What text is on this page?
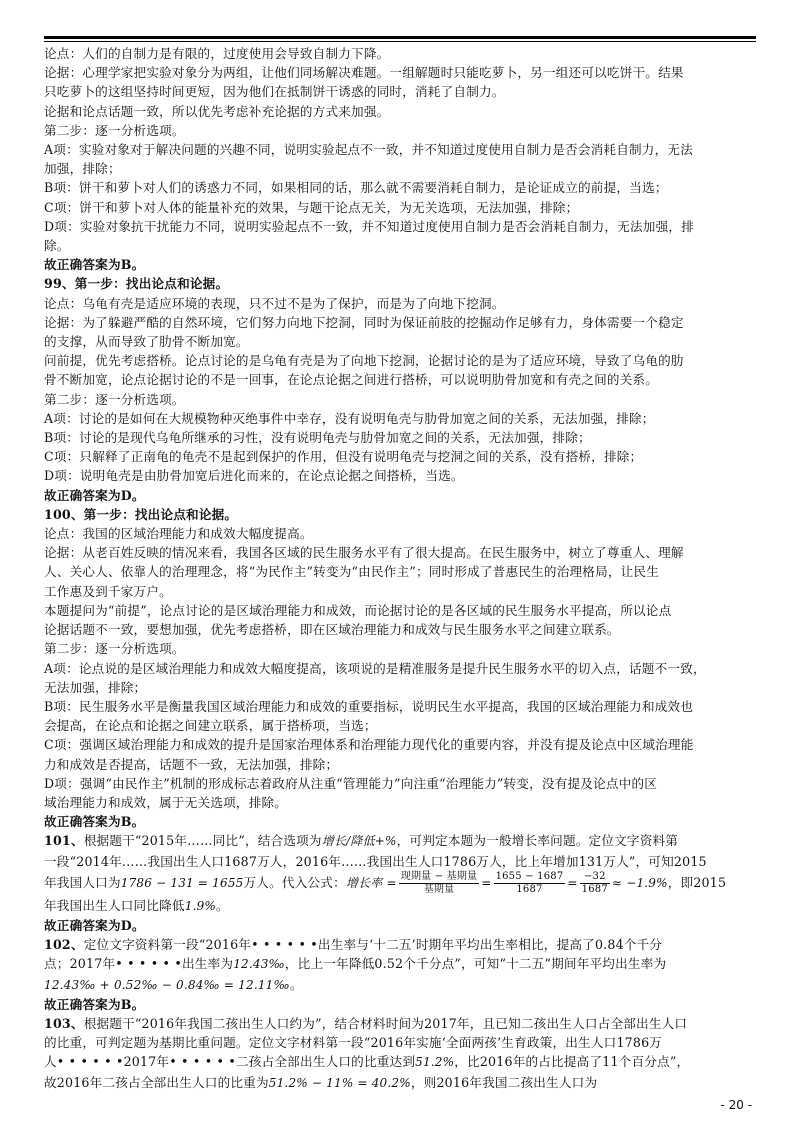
论点：人们的自制力是有限的，过度使用会导致自制力下降。

论据：心理学家把实验对象分为两组，让他们同场解决难题。一组解题时只能吃萝卜，另一组还可以吃饼干。结果

只吃萝卜的这组坚持时间更短，因为他们在抵制饼干诱惑的同时，消耗了自制力。

论据和论点话题一致，所以优先考虑补充论据的方式来加强。

第二步：逐一分析选项。

A项：实验对象对于解决问题的兴趣不同，说明实验起点不一致，并不知道过度使用自制力是否会消耗自制力，无法

加强，排除；

B项：饼干和萝卜对人们的诱惑力不同，如果相同的话，那么就不需要消耗自制力，是论证成立的前提，当选；

C项：饼干和萝卜对人体的能量补充的效果，与题干论点无关，为无关选项，无法加强，排除；

D项：实验对象抗干扰能力不同，说明实验起点不一致，并不知道过度使用自制力是否会消耗自制力，无法加强，排

除。

故正确答案为B。

99、第一步：找出论点和论据。

论点：乌龟有壳是适应环境的表现，只不过不是为了保护，而是为了向地下挖洞。

论据：为了躲避严酷的自然环境，它们努力向地下挖洞，同时为保证前肢的挖掘动作足够有力，身体需要一个稳定

的支撑，从而导致了肋骨不断加宽。

问前提，优先考虑搭桥。论点讨论的是乌龟有壳是为了向地下挖洞，论据讨论的是为了适应环境，导致了乌龟的肋

骨不断加宽，论点论据讨论的不是一回事，在论点论据之间进行搭桥，可以说明肋骨加宽和有壳之间的关系。

第二步：逐一分析选项。

A项：讨论的是如何在大规模物种灭绝事件中幸存，没有说明龟壳与肋骨加宽之间的关系，无法加强，排除；

B项：讨论的是现代乌龟所继承的习性，没有说明龟壳与肋骨加宽之间的关系，无法加强，排除；

C项：只解释了正南龟的龟壳不是起到保护的作用，但没有说明龟壳与挖洞之间的关系，没有搭桥，排除；

D项：说明龟壳是由肋骨加宽后进化而来的，在论点论据之间搭桥，当选。

故正确答案为D。

100、第一步：找出论点和论据。

论点：我国的区域治理能力和成效大幅度提高。

论据：从老百姓反映的情况来看，我国各区域的民生服务水平有了很大提高。在民生服务中，树立了尊重人、理解

人、关心人、依靠人的治理理念，将“为民作主”转变为“由民作主”；同时形成了普惠民生的治理格局，让民生

工作惠及到千家万户。

本题提问为“前提”，论点讨论的是区域治理能力和成效，而论据讨论的是各区域的民生服务水平提高，所以论点

论据话题不一致，要想加强，优先考虑搭桥，即在区域治理能力和成效与民生服务水平之间建立联系。

第二步：逐一分析选项。

A项：论点说的是区域治理能力和成效大幅度提高，该项说的是精准服务是提升民生服务水平的切入点，话题不一致，

无法加强，排除；

B项：民生服务水平是衡量我国区域治理能力和成效的重要指标，说明民生水平提高，我国的区域治理能力和成效也

会提高，在论点和论据之间建立联系，属于搭桥项，当选；

C项：强调区域治理能力和成效的提升是国家治理体系和治理能力现代化的重要内容，并没有提及论点中区域治理能

力和成效是否提高，话题不一致，无法加强，排除；

D项：强调“由民作主”机制的形成标志着政府从注重“管理能力”向注重“治理能力”转变，没有提及论点中的区

域治理能力和成效，属于无关选项，排除。

故正确答案为B。

101、根据题干“2015年……同比”，结合选项为增长/降低+%，可判定本题为一般增长率问题。定位文字资料第

一段“2014年……我国出生人口1687万人，2016年……我国出生人口1786万人，比上年增加131万人”，可知2015

年我国人口为1786 − 131 = 1655万人。代入公式：增长率 = $\frac{\text{现期量 − 基期量}}{\text{基期量}} = \frac{1655 - 1687}{1687} = \frac{-32}{1687} \approx -1.9\%$，即2015

年我国出生人口同比降低1.9%。

故正确答案为D。

102、定位文字资料第一段“2016年• • • • • •出生率与‘十二五’时期年平均出生率相比，提高了0.84个千分

点；2017年• • • • • •出生率为12.43‰，比上一年降低0.52个千分点”，可知“十二五”期间年平均出生率为

12.43‰ + 0.52‰ − 0.84‰ = 12.11‰。

故正确答案为B。

103、根据题干“2016年我国二孩出生人口约为”，结合材料时间为2017年，且已知二孩出生人口占全部出生人口

的比重，可判定题为基期比重问题。定位文字材料第一段“2016年实施‘全面两孩’生育政策，出生人口1786万

人• • • • • •2017年• • • • • •二孩占全部出生人口的比重达到51.2%，比2016年的占比提高了11个百分点”，

故2016年二孩占全部出生人口的比重为51.2% − 11% = 40.2%，则2016年我国二孩出生人口为

- 20 -
